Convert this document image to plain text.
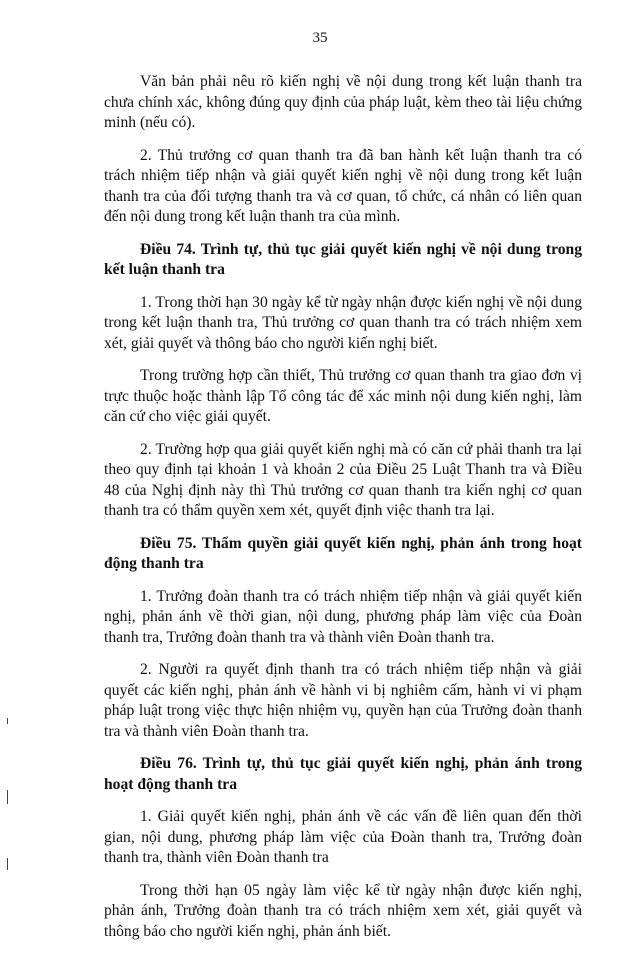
35

Văn bản phải nêu rõ kiến nghị về nội dung trong kết luận thanh tra chưa chính xác, không đúng quy định của pháp luật, kèm theo tài liệu chứng minh (nếu có).

2. Thủ trưởng cơ quan thanh tra đã ban hành kết luận thanh tra có trách nhiệm tiếp nhận và giải quyết kiến nghị về nội dung trong kết luận thanh tra của đối tượng thanh tra và cơ quan, tổ chức, cá nhân có liên quan đến nội dung trong kết luận thanh tra của mình.

Điều 74. Trình tự, thủ tục giải quyết kiến nghị về nội dung trong kết luận thanh tra

1. Trong thời hạn 30 ngày kể từ ngày nhận được kiến nghị về nội dung trong kết luận thanh tra, Thủ trưởng cơ quan thanh tra có trách nhiệm xem xét, giải quyết và thông báo cho người kiến nghị biết.

Trong trường hợp cần thiết, Thủ trưởng cơ quan thanh tra giao đơn vị trực thuộc hoặc thành lập Tổ công tác để xác minh nội dung kiến nghị, làm căn cứ cho việc giải quyết.

2. Trường hợp qua giải quyết kiến nghị mà có căn cứ phải thanh tra lại theo quy định tại khoản 1 và khoản 2 của Điều 25 Luật Thanh tra và Điều 48 của Nghị định này thì Thủ trưởng cơ quan thanh tra kiến nghị cơ quan thanh tra có thẩm quyền xem xét, quyết định việc thanh tra lại.

Điều 75. Thẩm quyền giải quyết kiến nghị, phản ánh trong hoạt động thanh tra

1. Trưởng đoàn thanh tra có trách nhiệm tiếp nhận và giải quyết kiến nghị, phản ánh về thời gian, nội dung, phương pháp làm việc của Đoàn thanh tra, Trưởng đoàn thanh tra và thành viên Đoàn thanh tra.

2. Người ra quyết định thanh tra có trách nhiệm tiếp nhận và giải quyết các kiến nghị, phản ánh về hành vi bị nghiêm cấm, hành vi vi phạm pháp luật trong việc thực hiện nhiệm vụ, quyền hạn của Trưởng đoàn thanh tra và thành viên Đoàn thanh tra.

Điều 76. Trình tự, thủ tục giải quyết kiến nghị, phản ánh trong hoạt động thanh tra

1. Giải quyết kiến nghị, phản ánh về các vấn đề liên quan đến thời gian, nội dung, phương pháp làm việc của Đoàn thanh tra, Trưởng đoàn thanh tra, thành viên Đoàn thanh tra

Trong thời hạn 05 ngày làm việc kể từ ngày nhận được kiến nghị, phản ánh, Trưởng đoàn thanh tra có trách nhiệm xem xét, giải quyết và thông báo cho người kiến nghị, phản ánh biết.
